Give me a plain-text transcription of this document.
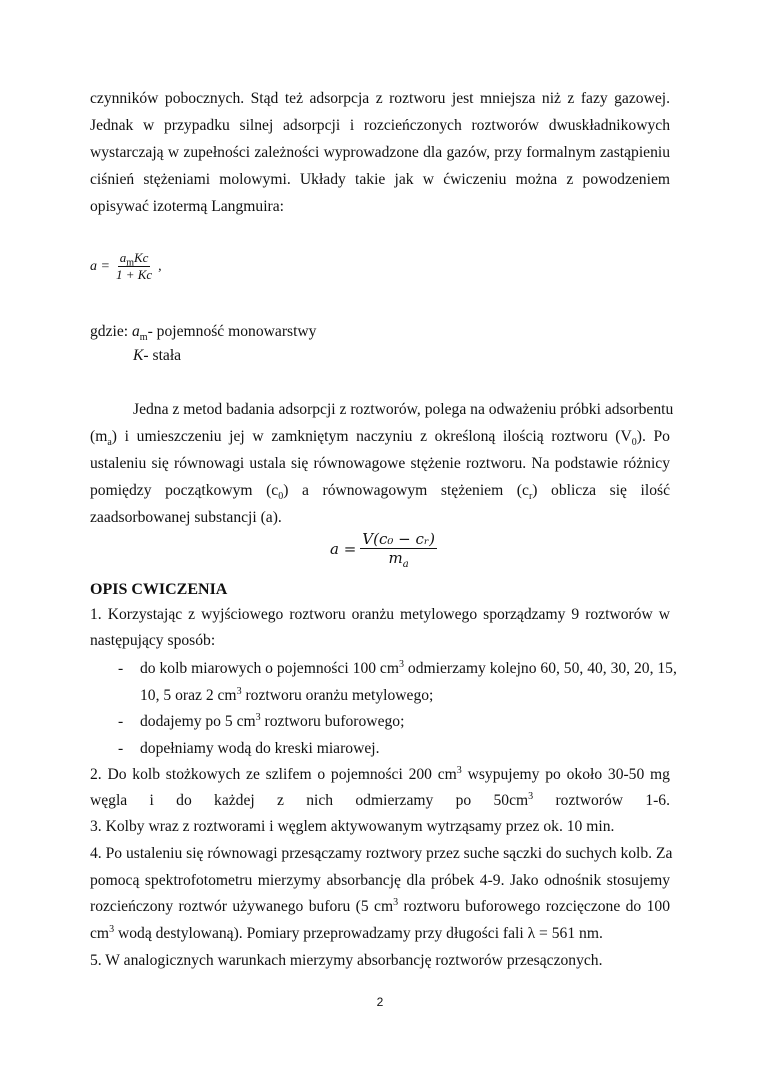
czynników pobocznych. Stąd też adsorpcja z roztworu jest mniejsza niż z fazy gazowej.
Jednak w przypadku silnej adsorpcji i rozcieńczonych roztworów dwuskładnikowych
wystarczają w zupełności zależności wyprowadzone dla gazów, przy formalnym zastąpieniu
ciśnień stężeniami molowymi. Układy takie jak w ćwiczeniu można z powodzeniem
opisywać izotermą Langmuira:
$a = \frac{a_mKc}{1 + Kc}$ ,
gdzie: $a_m-$ pojemność monowarstwy
K- stała
Jedna z metod badania adsorpcji z roztworów, polega na odważeniu próbki adsorbentu
$(m_a)$ i umieszczeniu jej w zamkniętym naczyniu z określoną ilością roztworu $(V_0)$. Po
ustaleniu się równowagi ustala się równowagowe stężenie roztworu. Na podstawie różnicy
pomiędzy początkowym $(c_0)$ a równowagowym stężeniem $(c_r)$ oblicza się ilość
zaadsorbowanej substancji (a).
$a = \frac{\text{V(c₀ − cᵣ)}}{m_a}$
OPIS CWICZENIA
1. Korzystając z wyjściowego roztworu oranżu metylowego sporządzamy 9 roztworów w
następujący sposób:
- do kolb miarowych o pojemności 100 $cm^3$ odmierzamy kolejno 60, 50, 40, 30, 20, 15,
10, 5 oraz 2 $cm^3$ roztworu oranżu metylowego;
- dodajemy po 5 $cm^3$ roztworu buforowego;
- dopełniamy wodą do kreski miarowej.
2. Do kolb stożkowych ze szlifem o pojemności 200 $cm^3$ wsypujemy po około 30-50 mg
węgla i do każdej z nich odmierzamy po $50cm^3$ roztworów 1-6.
3. Kolby wraz z roztworami i węglem aktywowanym wytrząsamy przez ok. 10 min.
4. Po ustaleniu się równowagi przesączamy roztwory przez suche sączki do suchych kolb. Za
pomocą spektrofotometru mierzymy absorbancję dla próbek 4-9. Jako odnośnik stosujemy
rozcieńczony roztwór używanego buforu (5 $cm^3$ roztworu buforowego rozcięczone do 100
$cm^3$ wodą destylowaną). Pomiary przeprowadzamy przy długości fali λ = 561 nm.
5. W analogicznych warunkach mierzymy absorbancję roztworów przesączonych.
2
